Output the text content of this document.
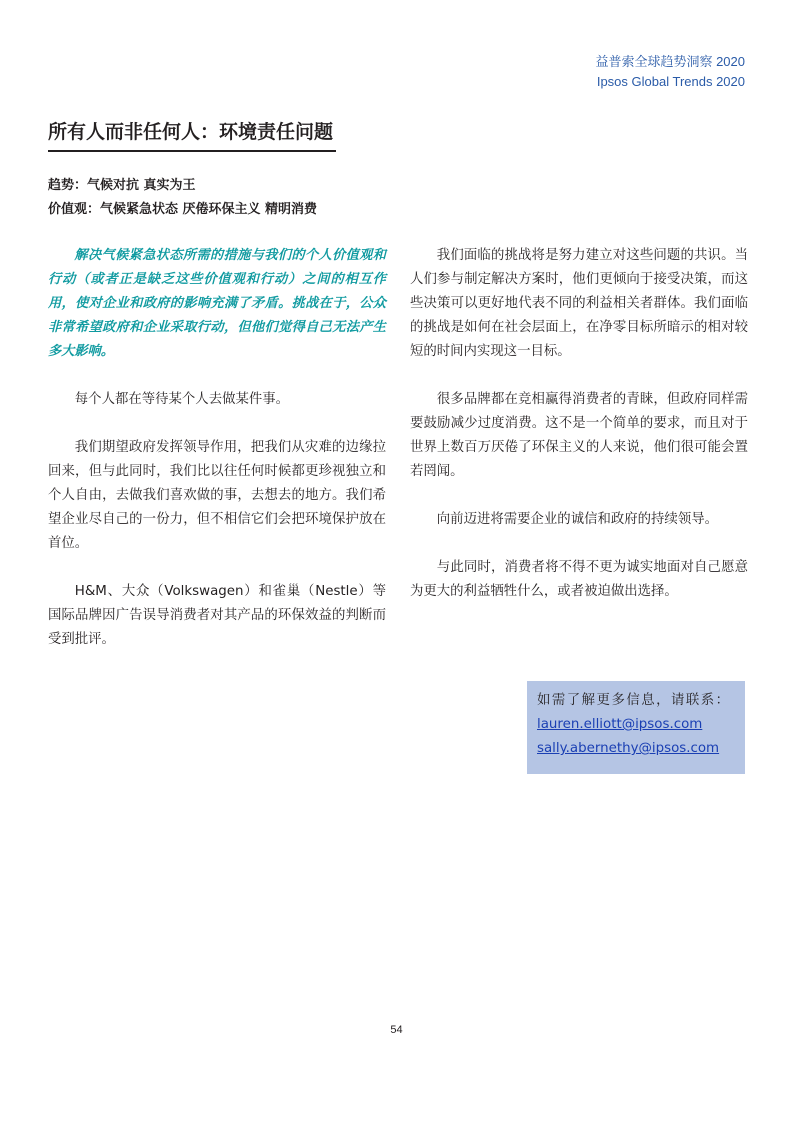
益普索全球趋势洞察 2020
Ipsos Global Trends 2020
所有人而非任何人：环境责任问题
趋势：气候对抗 真实为王
价值观：气候紧急状态 厌倦环保主义 精明消费

解决气候紧急状态所需的措施与我们的个人价值观和行动（或者正是缺乏这些价值观和行动）之间的相互作用，使对企业和政府的影响充满了矛盾。挑战在于，公众非常希望政府和企业采取行动，但他们觉得自己无法产生多大影响。

每个人都在等待某个人去做某件事。

我们期望政府发挥领导作用，把我们从灾难的边缘拉回来，但与此同时，我们比以往任何时候都更珍视独立和个人自由，去做我们喜欢做的事，去想去的地方。我们希望企业尽自己的一份力，但不相信它们会把环境保护放在首位。

H&M、大众（Volkswagen）和雀巢（Nestle）等国际品牌因广告误导消费者对其产品的环保效益的判断而受到批评。

我们面临的挑战将是努力建立对这些问题的共识。当人们参与制定解决方案时，他们更倾向于接受决策，而这些决策可以更好地代表不同的利益相关者群体。我们面临的挑战是如何在社会层面上，在净零目标所暗示的相对较短的时间内实现这一目标。

很多品牌都在竞相赢得消费者的青睐，但政府同样需要鼓励减少过度消费。这不是一个简单的要求，而且对于世界上数百万厌倦了环保主义的人来说，他们很可能会置若罔闻。

向前迈进将需要企业的诚信和政府的持续领导。

与此同时，消费者将不得不更为诚实地面对自己愿意为更大的利益牺牲什么，或者被迫做出选择。

如需了解更多信息，请联系：
lauren.elliott@ipsos.com
sally.abernethy@ipsos.com
54
